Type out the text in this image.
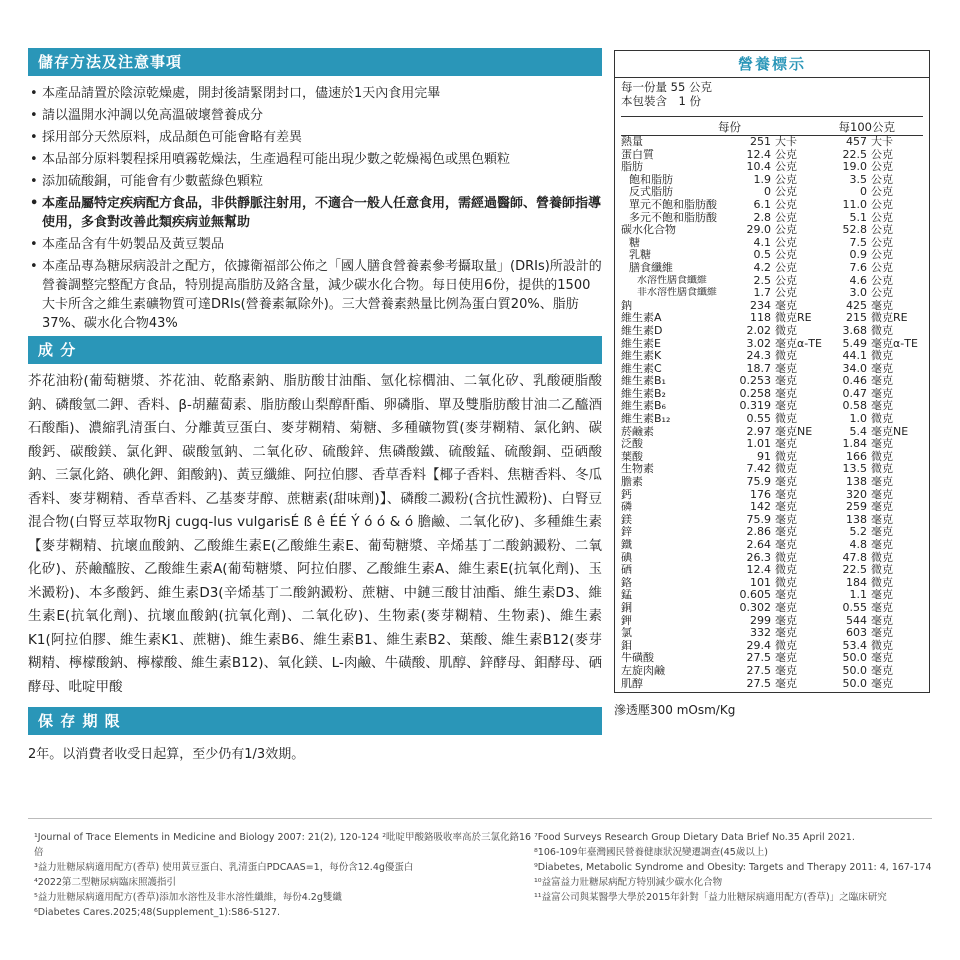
儲存方法及注意事項
• 本產品請置於陰涼乾燥處，開封後請緊閉封口，儘速於1天內食用完畢
• 請以溫開水沖調以免高溫破壞營養成分
• 採用部分天然原料，成品顏色可能會略有差異
• 本品部分原料製程採用噴霧乾燥法，生產過程可能出現少數之乾燥褐色或黑色顆粒
• 添加硫酸銅，可能會有少數藍綠色顆粒
• 本產品屬特定疾病配方食品，非供靜脈注射用，不適合一般人任意食用，需經過醫師、營養師指導使用，多食對改善此類疾病並無幫助
• 本產品含有牛奶製品及黃豆製品
• 本產品專為糖尿病設計之配方，依據衛福部公佈之「國人膳食營養素參考攝取量」(DRIs)所設計的營養調整完整配方食品，特別提高脂肪及鉻含量，減少碳水化合物。每日使用6份，提供的1500大卡所含之維生素礦物質可達DRIs(營養素氟除外)。三大營養素熱量比例為蛋白質20%、脂肪37%、碳水化合物43%
成 分
芥花油粉(葡萄糖漿、芥花油、乾酪素鈉、脂肪酸甘油酯、氫化棕櫚油、二氧化矽、乳酸硬脂酸鈉、磷酸氫二鉀、香料、β-胡蘿蔔素、脂肪酸山梨醇酐酯、卵磷脂、單及雙脂肪酸甘油二乙醯酒石酸酯)、濃縮乳清蛋白、分離黃豆蛋白、麥芽糊精、菊糖、多種礦物質(麥芽糊精、氯化鈉、碳酸鈣、碳酸鎂、氯化鉀、碳酸氫鈉、二氧化矽、硫酸鋅、焦磷酸鐵、硫酸錳、硫酸銅、亞硒酸鈉、三氯化鉻、碘化鉀、鉬酸鈉)、黃豆纖維、阿拉伯膠、香草香料【椰子香料、焦糖香料、冬瓜香料、麥芽糊精、香草香料、乙基麥芽醇、蔗糖素(甜味劑)】、磷酸二澱粉(含抗性澱粉)、白腎豆混合物(白腎豆萃取物Rj cugq-lus vulgarisÉ ß ê ÉÉ Ý ó ó & ó 膽鹼、二氧化矽)、多種維生素【麥芽糊精、抗壞血酸鈉、乙酸維生素E(乙酸維生素E、葡萄糖漿、辛烯基丁二酸鈉澱粉、二氧化矽)、菸鹼醯胺、乙酸維生素A(葡萄糖漿、阿拉伯膠、乙酸維生素A、維生素E(抗氧化劑)、玉米澱粉)、本多酸鈣、維生素D3(辛烯基丁二酸鈉澱粉、蔗糖、中鏈三酸甘油酯、維生素D3、維生素E(抗氧化劑)、抗壞血酸鈉(抗氧化劑)、二氧化矽)、生物素(麥芽糊精、生物素)、維生素K1(阿拉伯膠、維生素K1、蔗糖)、維生素B6、維生素B1、維生素B2、葉酸、維生素B12(麥芽糊精、檸檬酸鈉、檸檬酸、維生素B12)、氧化鎂、L-肉鹼、牛磺酸、肌醇、鋅酵母、鉬酵母、硒酵母、吡啶甲酸
保 存 期 限
2年。以消費者收受日起算，至少仍有1/3效期。
營養標示
每一份量 55 公克
本包裝含　1 份
每份	每100公克
熱量	251 大卡	457 大卡
蛋白質	12.4 公克	22.5 公克
脂肪	10.4 公克	19.0 公克
飽和脂肪	1.9 公克	3.5 公克
反式脂肪	0 公克	0 公克
單元不飽和脂肪酸	6.1 公克	11.0 公克
多元不飽和脂肪酸	2.8 公克	5.1 公克
碳水化合物	29.0 公克	52.8 公克
糖	4.1 公克	7.5 公克
乳糖	0.5 公克	0.9 公克
膳食纖維	4.2 公克	7.6 公克
水溶性膳食纖維	2.5 公克	4.6 公克
非水溶性膳食纖維	1.7 公克	3.0 公克
鈉	234 毫克	425 毫克
維生素A	118 微克RE	215 微克RE
維生素D	2.02 微克	3.68 微克
維生素E	3.02 毫克α-TE	5.49 毫克α-TE
維生素K	24.3 微克	44.1 微克
維生素C	18.7 毫克	34.0 毫克
維生素B₁	0.253 毫克	0.46 毫克
維生素B₂	0.258 毫克	0.47 毫克
維生素B₆	0.319 毫克	0.58 毫克
維生素B₁₂	0.55 微克	1.0 微克
菸鹼素	2.97 毫克NE	5.4 毫克NE
泛酸	1.01 毫克	1.84 毫克
葉酸	91 微克	166 微克
生物素	7.42 微克	13.5 微克
膽素	75.9 毫克	138 毫克
鈣	176 毫克	320 毫克
磷	142 毫克	259 毫克
鎂	75.9 毫克	138 毫克
鋅	2.86 毫克	5.2 毫克
鐵	2.64 毫克	4.8 毫克
碘	26.3 微克	47.8 微克
硒	12.4 微克	22.5 微克
鉻	101 微克	184 微克
錳	0.605 毫克	1.1 毫克
銅	0.302 毫克	0.55 毫克
鉀	299 毫克	544 毫克
氯	332 毫克	603 毫克
鉬	29.4 微克	53.4 微克
牛磺酸	27.5 毫克	50.0 毫克
左旋肉鹼	27.5 毫克	50.0 毫克
肌醇	27.5 毫克	50.0 毫克
滲透壓300 mOsm/Kg
¹Journal of Trace Elements in Medicine and Biology 2007: 21(2), 120-124 ²吡啶甲酸鉻吸收率高於三氯化鉻16倍
³益力壯糖尿病適用配方(香草) 使用黃豆蛋白、乳清蛋白PDCAAS=1，每份含12.4g優蛋白
⁴2022第二型糖尿病臨床照護指引
⁵益力壯糖尿病適用配方(香草)添加水溶性及非水溶性纖維，每份4.2g雙纖
⁶Diabetes Cares.2025;48(Supplement_1):S86-S127.
⁷Food Surveys Research Group Dietary Data Brief No.35 April 2021.
⁸106-109年臺灣國民營養健康狀況變遷調查(45歲以上)
⁹Diabetes, Metabolic Syndrome and Obesity: Targets and Therapy 2011: 4, 167-174
¹⁰益富益力壯糖尿病配方特別減少碳水化合物
¹¹益富公司與某醫學大學於2015年針對「益力壯糖尿病適用配方(香草)」之臨床研究
